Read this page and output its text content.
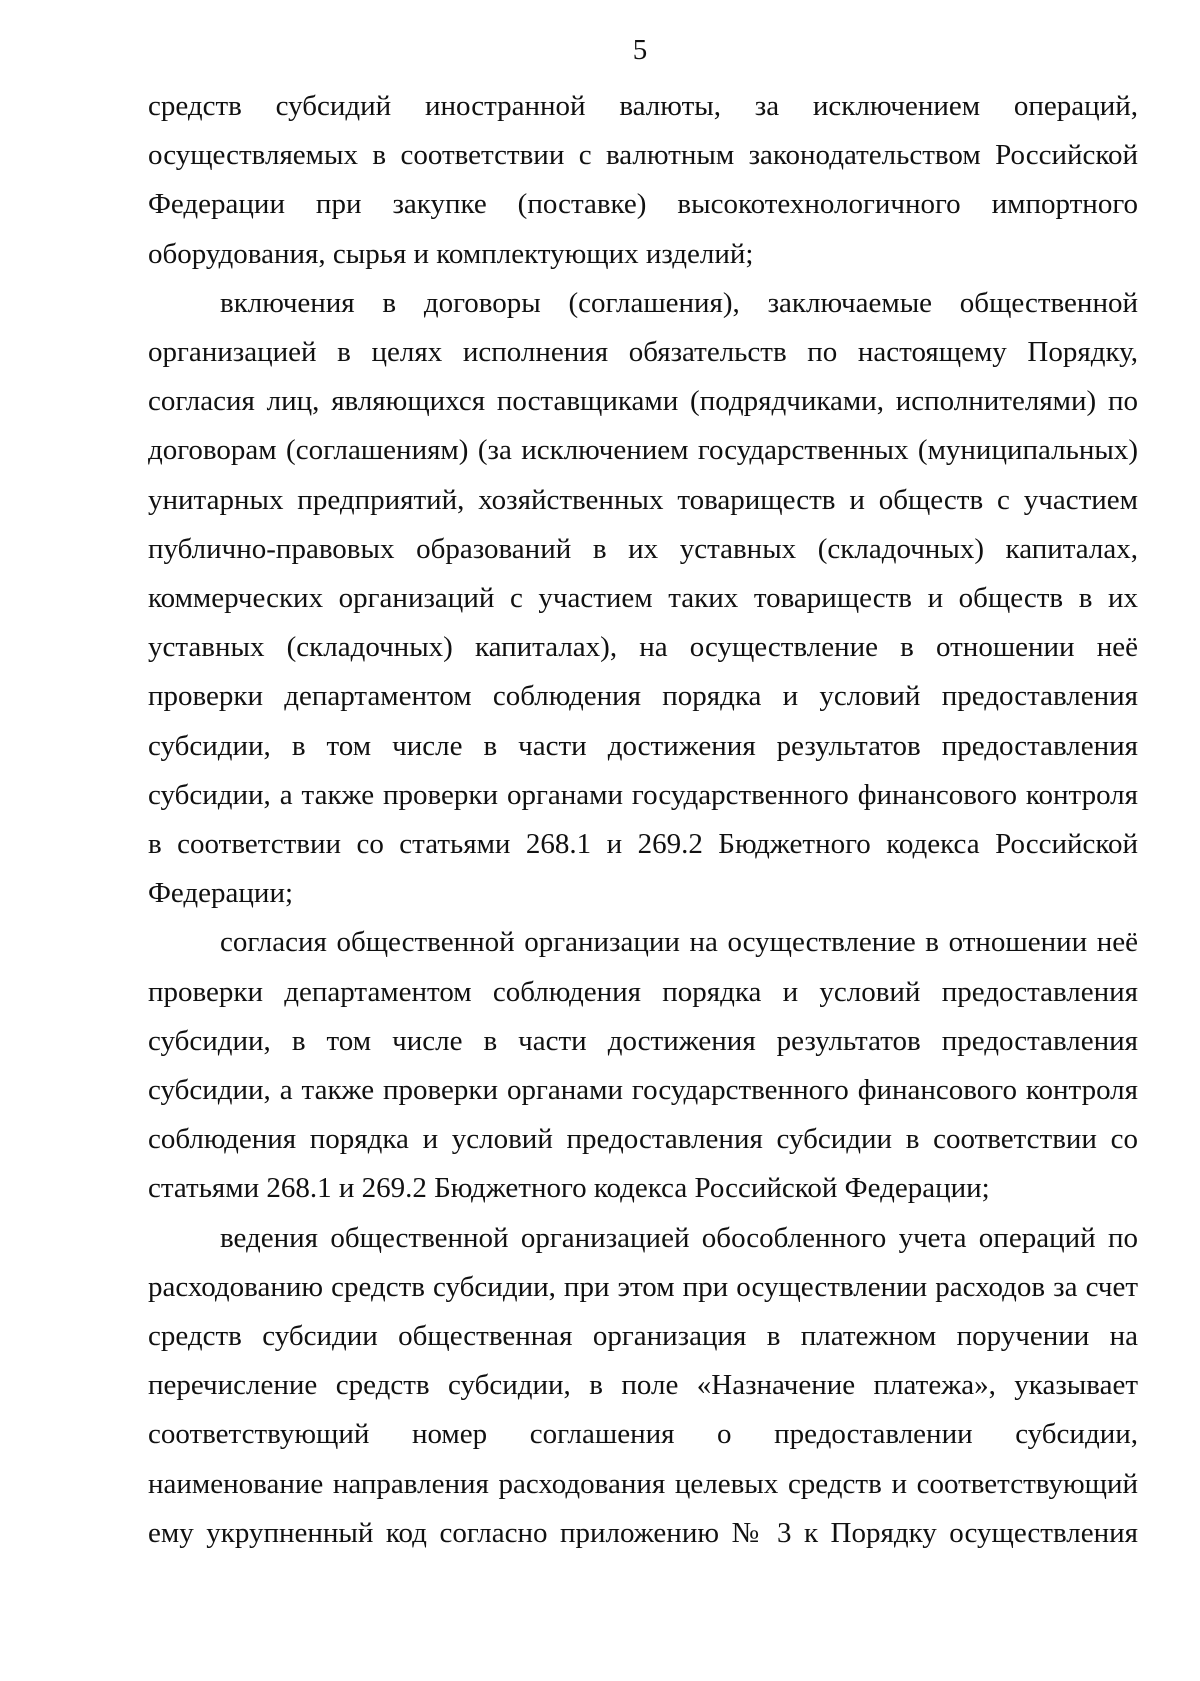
5

средств субсидий иностранной валюты, за исключением операций, осуществляемых в соответствии с валютным законодательством Российской Федерации при закупке (поставке) высокотехнологичного импортного оборудования, сырья и комплектующих изделий;

включения в договоры (соглашения), заключаемые общественной организацией в целях исполнения обязательств по настоящему Порядку, согласия лиц, являющихся поставщиками (подрядчиками, исполнителями) по договорам (соглашениям) (за исключением государственных (муниципальных) унитарных предприятий, хозяйственных товариществ и обществ с участием публично-правовых образований в их уставных (складочных) капиталах, коммерческих организаций с участием таких товариществ и обществ в их уставных (складочных) капиталах), на осуществление в отношении неё проверки департаментом соблюдения порядка и условий предоставления субсидии, в том числе в части достижения результатов предоставления субсидии, а также проверки органами государственного финансового контроля в соответствии со статьями 268.1 и 269.2 Бюджетного кодекса Российской Федерации;

согласия общественной организации на осуществление в отношении неё проверки департаментом соблюдения порядка и условий предоставления субсидии, в том числе в части достижения результатов предоставления субсидии, а также проверки органами государственного финансового контроля соблюдения порядка и условий предоставления субсидии в соответствии со статьями 268.1 и 269.2 Бюджетного кодекса Российской Федерации;

ведения общественной организацией обособленного учета операций по расходованию средств субсидии, при этом при осуществлении расходов за счет средств субсидии общественная организация в платежном поручении на перечисление средств субсидии, в поле «Назначение платежа», указывает соответствующий номер соглашения о предоставлении субсидии, наименование направления расходования целевых средств и соответствующий ему укрупненный код согласно приложению № 3 к Порядку осуществления
